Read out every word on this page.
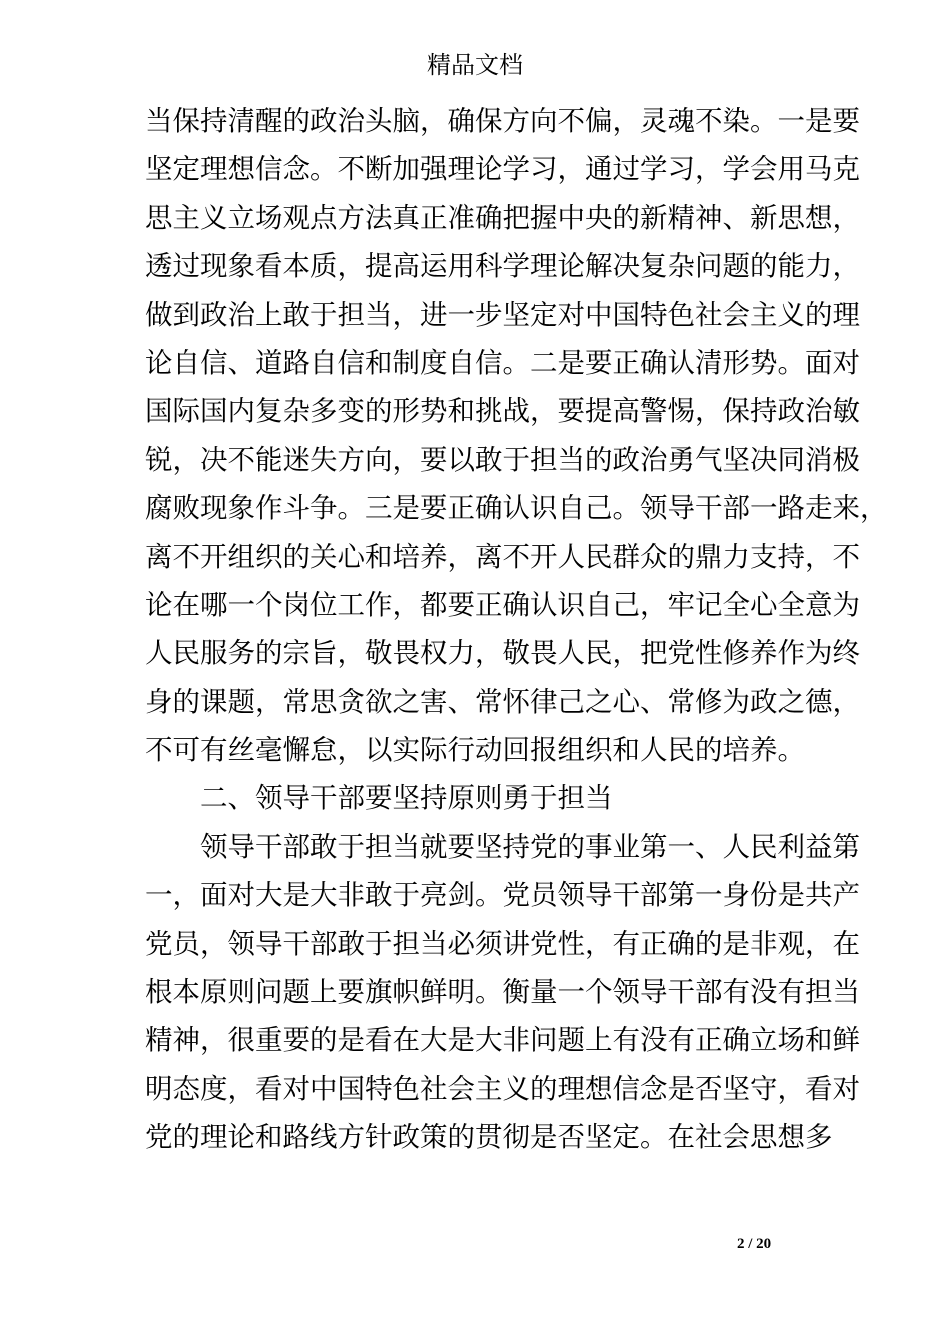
精品文档
当保持清醒的政治头脑，确保方向不偏，灵魂不染。一是要
坚定理想信念。不断加强理论学习，通过学习，学会用马克
思主义立场观点方法真正准确把握中央的新精神、新思想，
透过现象看本质，提高运用科学理论解决复杂问题的能力，
做到政治上敢于担当，进一步坚定对中国特色社会主义的理
论自信、道路自信和制度自信。二是要正确认清形势。面对
国际国内复杂多变的形势和挑战，要提高警惕，保持政治敏
锐，决不能迷失方向，要以敢于担当的政治勇气坚决同消极
腐败现象作斗争。三是要正确认识自己。领导干部一路走来，
离不开组织的关心和培养，离不开人民群众的鼎力支持，不
论在哪一个岗位工作，都要正确认识自己，牢记全心全意为
人民服务的宗旨，敬畏权力，敬畏人民，把党性修养作为终
身的课题，常思贪欲之害、常怀律己之心、常修为政之德，
不可有丝毫懈怠，以实际行动回报组织和人民的培养。
二、领导干部要坚持原则勇于担当
领导干部敢于担当就要坚持党的事业第一、人民利益第
一，面对大是大非敢于亮剑。党员领导干部第一身份是共产
党员，领导干部敢于担当必须讲党性，有正确的是非观，在
根本原则问题上要旗帜鲜明。衡量一个领导干部有没有担当
精神，很重要的是看在大是大非问题上有没有正确立场和鲜
明态度，看对中国特色社会主义的理想信念是否坚守，看对
党的理论和路线方针政策的贯彻是否坚定。在社会思想多
2 / 20
